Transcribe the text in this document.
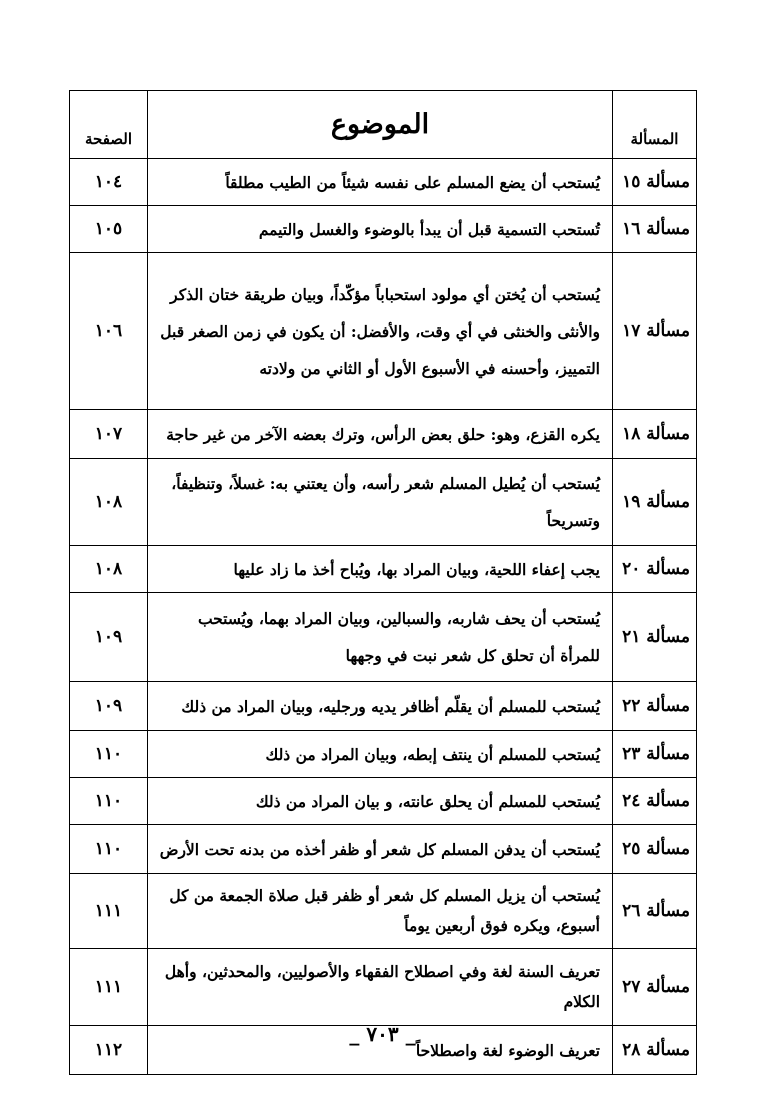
المسألة	الموضوع	الصفحة
مسألة ١٥	يُستحب أن يضع المسلم على نفسه شيئاً من الطيب مطلقاً	١٠٤
مسألة ١٦	تُستحب التسمية قبل أن يبدأ بالوضوء والغسل والتيمم	١٠٥
مسألة ١٧	يُستحب أن يُختن أي مولود استحباباً مؤكّداً، وبيان طريقة ختان الذكر والأنثى والخنثى في أي وقت، والأفضل: أن يكون في زمن الصغر قبل التمييز، وأحسنه في الأسبوع الأول أو الثاني من ولادته	١٠٦
مسألة ١٨	يكره القزع، وهو: حلق بعض الرأس، وترك بعضه الآخر من غير حاجة	١٠٧
مسألة ١٩	يُستحب أن يُطيل المسلم شعر رأسه، وأن يعتني به: غسلاً، وتنظيفاً، وتسريحاً	١٠٨
مسألة ٢٠	يجب إعفاء اللحية، وبيان المراد بها، ويُباح أخذ ما زاد عليها	١٠٨
مسألة ٢١	يُستحب أن يحف شاربه، والسبالين، وبيان المراد بهما، ويُستحب للمرأة أن تحلق كل شعر نبت في وجهها	١٠٩
مسألة ٢٢	يُستحب للمسلم أن يقلّم أظافر يديه ورجليه، وبيان المراد من ذلك	١٠٩
مسألة ٢٣	يُستحب للمسلم أن ينتف إبطه، وبيان المراد من ذلك	١١٠
مسألة ٢٤	يُستحب للمسلم أن يحلق عانته، و بيان المراد من ذلك	١١٠
مسألة ٢٥	يُستحب أن يدفن المسلم كل شعر أو ظفر أخذه من بدنه تحت الأرض	١١٠
مسألة ٢٦	يُستحب أن يزيل المسلم كل شعر أو ظفر قبل صلاة الجمعة من كل أسبوع، ويكره فوق أربعين يوماً	١١١
مسألة ٢٧	تعريف السنة لغة وفي اصطلاح الفقهاء والأصوليين، والمحدثين، وأهل الكلام	١١١
مسألة ٢٨	تعريف الوضوء لغة واصطلاحاً	١١٢
_ ٧٠٣ _
